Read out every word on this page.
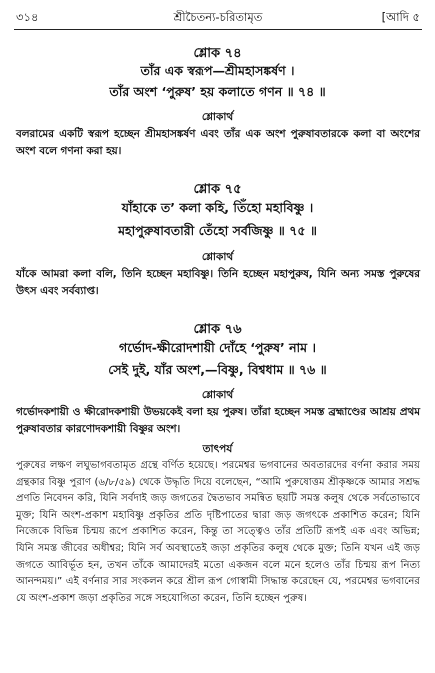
৩১৪	শ্রীচৈতন্য-চরিতামৃত	[আদি ৫
শ্লোক ৭৪
তাঁর এক স্বরূপ—শ্রীমহাসঙ্কর্ষণ ।
তাঁর অংশ ‘পুরুষ’ হয় কলাতে গণন ॥ ৭৪ ॥
শ্লোকার্থ
বলরামের একটি স্বরূপ হচ্ছেন শ্রীমহাসঙ্কর্ষণ এবং তাঁর এক অংশ পুরুষাবতারকে কলা বা অংশের অংশ বলে গণনা করা হয়।
শ্লোক ৭৫
যাঁহাকে ত’ কলা কহি, তিঁহো মহাবিষ্ণু ।
মহাপুরুষাবতারী তেঁহো সর্বজিষ্ণু ॥ ৭৫ ॥
শ্লোকার্থ
যাঁকে আমরা কলা বলি, তিনি হচ্ছেন মহাবিষ্ণু। তিনি হচ্ছেন মহাপুরুষ, যিনি অন্য সমস্ত পুরুষের উৎস এবং সর্বব্যাপ্ত।
শ্লোক ৭৬
গর্ভোদ-ক্ষীরোদশায়ী দোঁহে ‘পুরুষ’ নাম ।
সেই দুই, যাঁর অংশ,—বিষ্ণু, বিশ্বধাম ॥ ৭৬ ॥
শ্লোকার্থ
গর্ভোদকশায়ী ও ক্ষীরোদকশায়ী উভয়কেই বলা হয় পুরুষ। তাঁরা হচ্ছেন সমস্ত ব্রহ্মাণ্ডের আশ্রয় প্রথম পুরুষাবতার কারণোদকশায়ী বিষ্ণুর অংশ।
তাৎপর্য
পুরুষের লক্ষণ লঘুভাগবতামৃত গ্রন্থে বর্ণিত হয়েছে। পরমেশ্বর ভগবানের অবতারদের বর্ণনা করার সময় গ্রন্থকার বিষ্ণু পুরাণ (৬/৮/৫৯) থেকে উদ্ধৃতি দিয়ে বলেছেন, “আমি পুরুষোত্তম শ্রীকৃষ্ণকে আমার সশ্রদ্ধ প্রণতি নিবেদন করি, যিনি সর্বদাই জড় জগতের দ্বৈতভাব সমন্বিত ছয়টি সমস্ত কলুষ থেকে সর্বতোভাবে মুক্ত; যিনি অংশ-প্রকাশ মহাবিষ্ণু প্রকৃতির প্রতি দৃষ্টিপাতের দ্বারা জড় জগৎকে প্রকাশিত করেন; যিনি নিজেকে বিভিন্ন চিন্ময় রূপে প্রকাশিত করেন, কিন্তু তা সত্ত্বেও তাঁর প্রতিটি রূপই এক এবং অভিন্ন; যিনি সমস্ত জীবের অধীশ্বর; যিনি সর্ব অবস্থাতেই জড়া প্রকৃতির কলুষ থেকে মুক্ত; তিনি যখন এই জড় জগতে আবির্ভূত হন, তখন তাঁকে আমাদেরই মতো একজন বলে মনে হলেও তাঁর চিন্ময় রূপ নিত্য আনন্দময়।” এই বর্ণনার সার সংকলন করে শ্রীল রূপ গোস্বামী সিদ্ধান্ত করেছেন যে, পরমেশ্বর ভগবানের যে অংশ-প্রকাশ জড়া প্রকৃতির সঙ্গে সহযোগিতা করেন, তিনি হচ্ছেন পুরুষ।
